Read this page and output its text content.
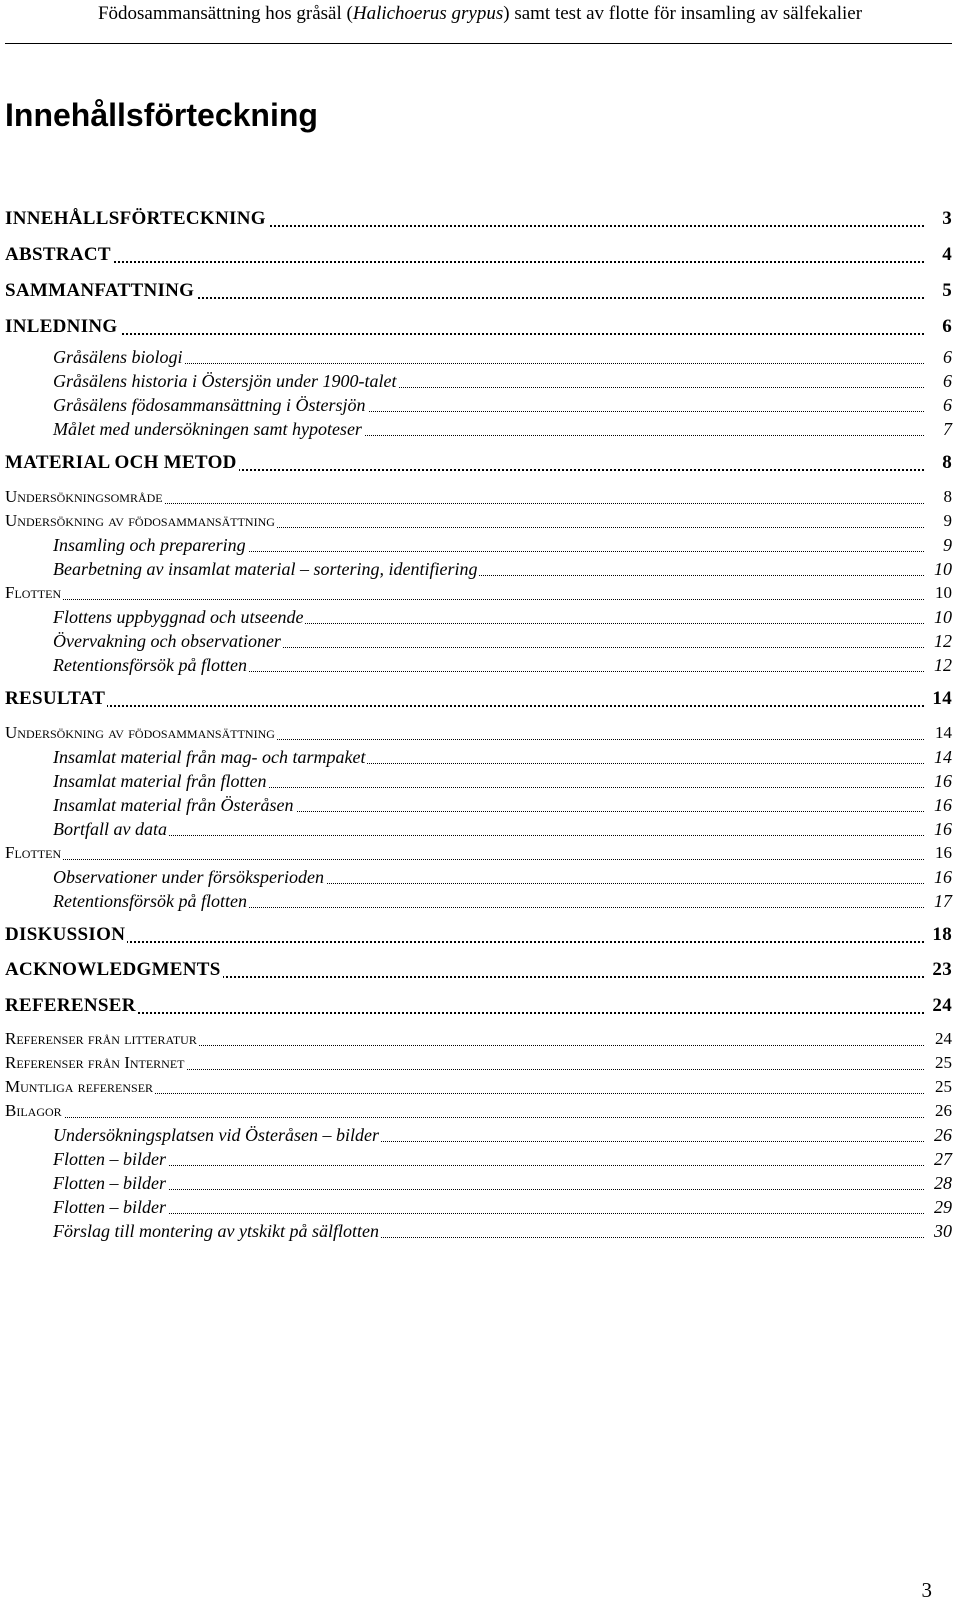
Födosammansättning hos gråsäl (Halichoerus grypus) samt test av flotte för insamling av sälfekalier
Innehållsförteckning
INNEHÅLLSFÖRTECKNING	3
ABSTRACT	4
SAMMANFATTNING	5
INLEDNING	6
Gråsälens biologi	6
Gråsälens historia i Östersjön under 1900-talet	6
Gråsälens födosammansättning i Östersjön	6
Målet med undersökningen samt hypoteser	7
MATERIAL OCH METOD	8
Undersökningsområde	8
Undersökning av födosammansättning	9
Insamling och preparering	9
Bearbetning av insamlat material – sortering, identifiering	10
Flotten	10
Flottens uppbyggnad och utseende	10
Övervakning och observationer	12
Retentionsförsök på flotten	12
RESULTAT	14
Undersökning av födosammansättning	14
Insamlat material från mag- och tarmpaket	14
Insamlat material från flotten	16
Insamlat material från Österåsen	16
Bortfall av data	16
Flotten	16
Observationer under försöksperioden	16
Retentionsförsök på flotten	17
DISKUSSION	18
ACKNOWLEDGMENTS	23
REFERENSER	24
Referenser från litteratur	24
Referenser från Internet	25
Muntliga referenser	25
Bilagor	26
Undersökningsplatsen vid Österåsen – bilder	26
Flotten – bilder	27
Flotten – bilder	28
Flotten – bilder	29
Förslag till montering av ytskikt på sälflotten	30
3
